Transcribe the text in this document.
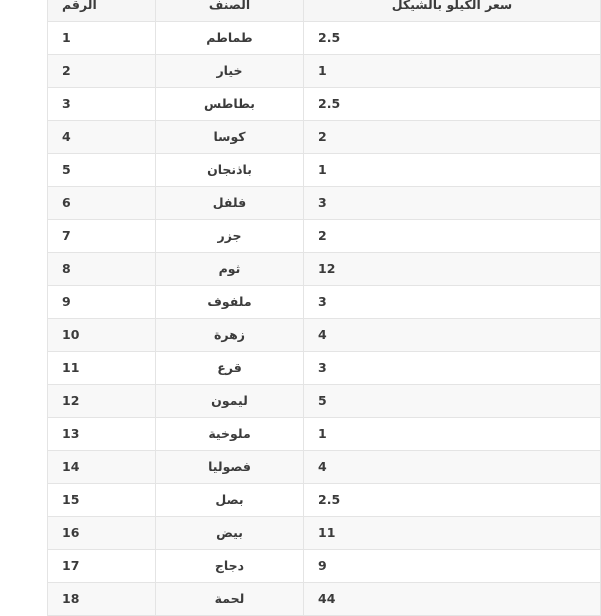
سعر الكيلو بالشيكل	الصنف	الرقم
2.5	طماطم	1
1	خيار	2
2.5	بطاطس	3
2	كوسا	4
1	باذنجان	5
3	فلفل	6
2	جزر	7
12	ثوم	8
3	ملفوف	9
4	زهرة	10
3	قرع	11
5	ليمون	12
1	ملوخية	13
4	فصوليا	14
2.5	بصل	15
11	بيض	16
9	دجاج	17
44	لحمة	18
